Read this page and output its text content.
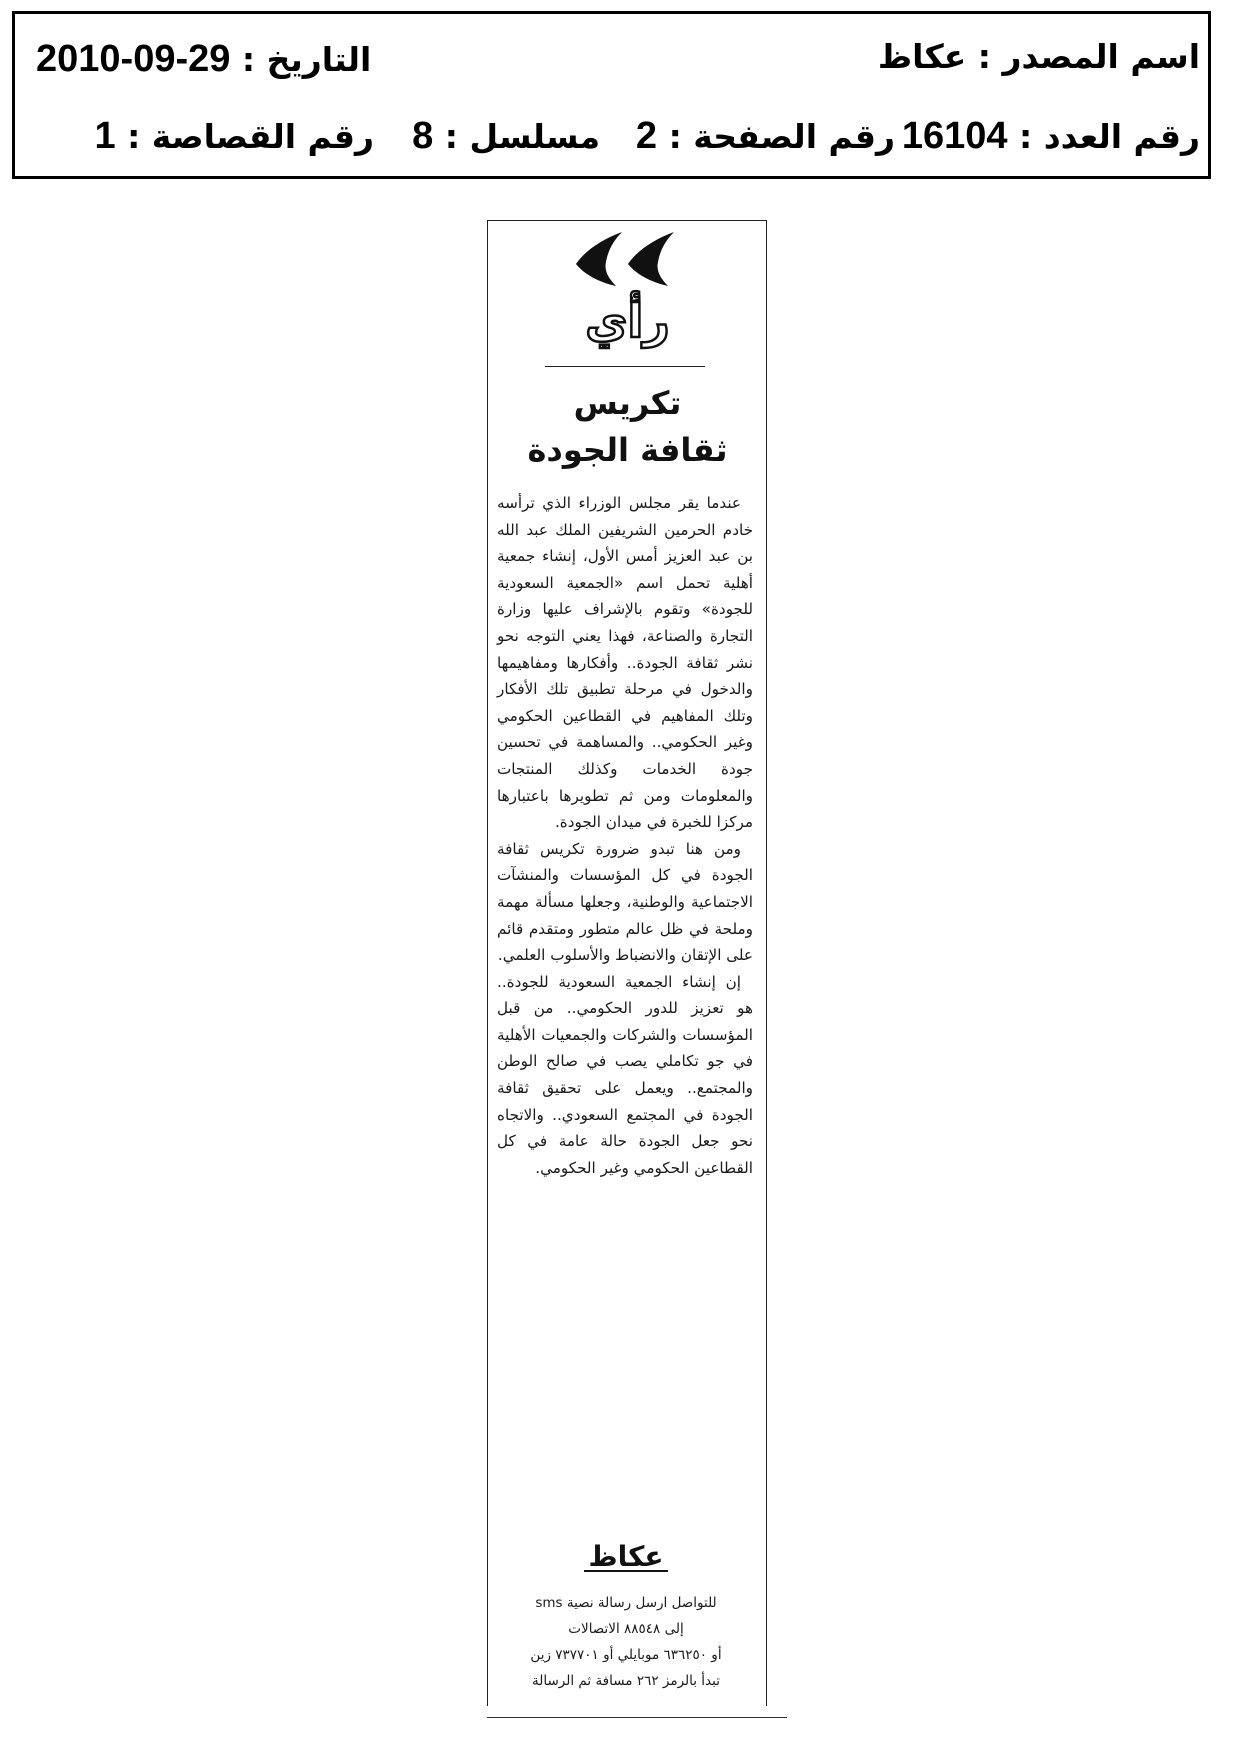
اسم المصدر : عكاظ
2010-09-29 التاريخ :
رقم العدد : 16104
رقم الصفحة : 2
مسلسل : 8
رقم القصاصة : 1
رأي
تكريس
ثقافة الجودة

عندما يقر مجلس الوزراء الذي ترأسه خادم الحرمين الشريفين الملك عبد الله بن عبد العزيز أمس الأول، إنشاء جمعية أهلية تحمل اسم «الجمعية السعودية للجودة» وتقوم بالإشراف عليها وزارة التجارة والصناعة، فهذا يعني التوجه نحو نشر ثقافة الجودة.. وأفكارها ومفاهيمها والدخول في مرحلة تطبيق تلك الأفكار وتلك المفاهيم في القطاعين الحكومي وغير الحكومي.. والمساهمة في تحسين جودة الخدمات وكذلك المنتجات والمعلومات ومن ثم تطويرها باعتبارها مركزا للخبرة في ميدان الجودة.

ومن هنا تبدو ضرورة تكريس ثقافة الجودة في كل المؤسسات والمنشآت الاجتماعية والوطنية، وجعلها مسألة مهمة وملحة في ظل عالم متطور ومتقدم قائم على الإتقان والانضباط والأسلوب العلمي.

إن إنشاء الجمعية السعودية للجودة.. هو تعزيز للدور الحكومي.. من قبل المؤسسات والشركات والجمعيات الأهلية في جو تكاملي يصب في صالح الوطن والمجتمع.. ويعمل على تحقيق ثقافة الجودة في المجتمع السعودي.. والاتجاه نحو جعل الجودة حالة عامة في كل القطاعين الحكومي وغير الحكومي.

عكاظ
للتواصل ارسل رسالة نصية sms
إلى ٨٨٥٤٨ الاتصالات
أو ٦٣٦٢٥٠ موبايلي أو ٧٣٧٧٠١ زين
تبدأ بالرمز ٢٦٢ مسافة ثم الرسالة
